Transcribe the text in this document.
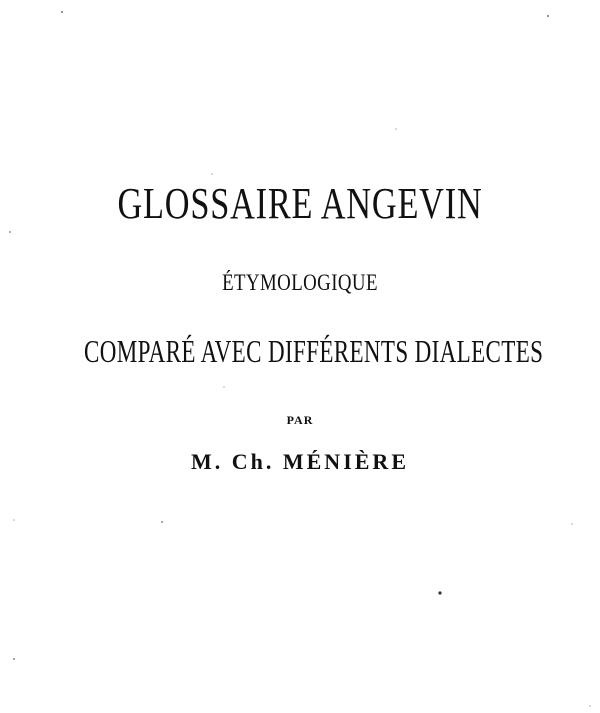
GLOSSAIRE ANGEVIN
ÉTYMOLOGIQUE
COMPARÉ AVEC DIFFÉRENTS DIALECTES
PAR
M. Ch. MÉNIÈRE
